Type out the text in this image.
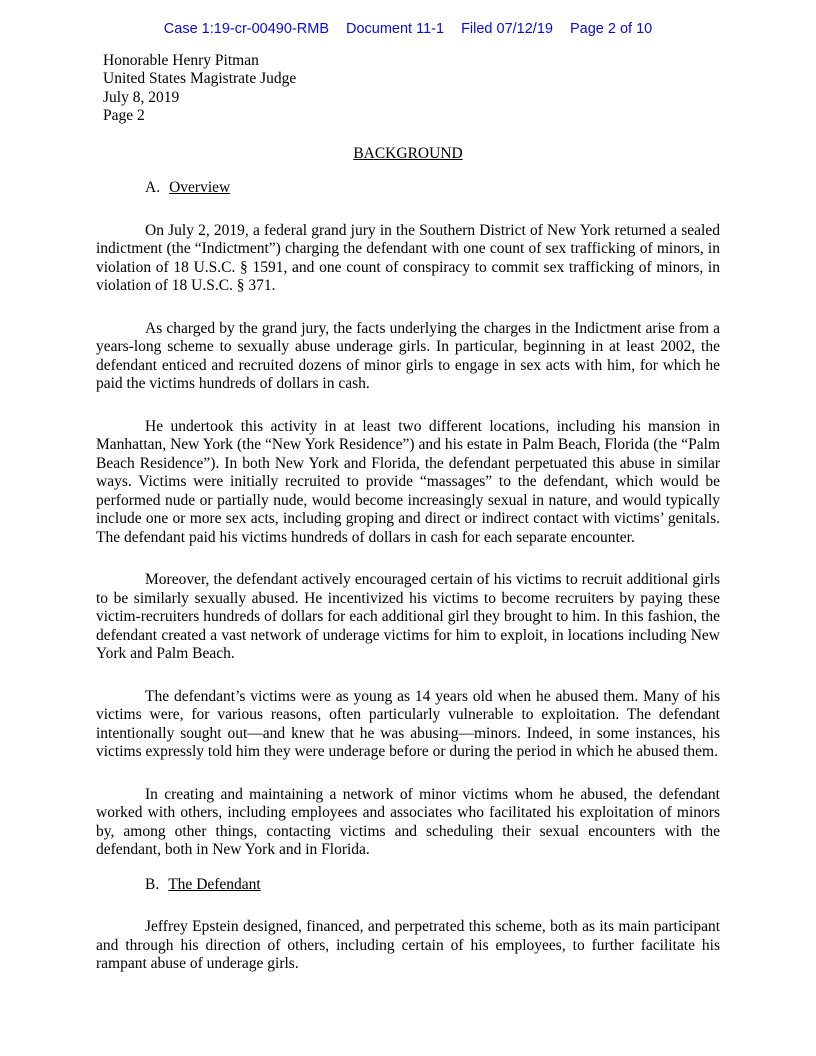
Case 1:19-cr-00490-RMB Document 11-1 Filed 07/12/19 Page 2 of 10
Honorable Henry Pitman
United States Magistrate Judge
July 8, 2019
Page 2
BACKGROUND
A. Overview

On July 2, 2019, a federal grand jury in the Southern District of New York returned a sealed indictment (the “Indictment”) charging the defendant with one count of sex trafficking of minors, in violation of 18 U.S.C. § 1591, and one count of conspiracy to commit sex trafficking of minors, in violation of 18 U.S.C. § 371.

As charged by the grand jury, the facts underlying the charges in the Indictment arise from a years-long scheme to sexually abuse underage girls. In particular, beginning in at least 2002, the defendant enticed and recruited dozens of minor girls to engage in sex acts with him, for which he paid the victims hundreds of dollars in cash.

He undertook this activity in at least two different locations, including his mansion in Manhattan, New York (the “New York Residence”) and his estate in Palm Beach, Florida (the “Palm Beach Residence”). In both New York and Florida, the defendant perpetuated this abuse in similar ways. Victims were initially recruited to provide “massages” to the defendant, which would be performed nude or partially nude, would become increasingly sexual in nature, and would typically include one or more sex acts, including groping and direct or indirect contact with victims’ genitals. The defendant paid his victims hundreds of dollars in cash for each separate encounter.

Moreover, the defendant actively encouraged certain of his victims to recruit additional girls to be similarly sexually abused. He incentivized his victims to become recruiters by paying these victim-recruiters hundreds of dollars for each additional girl they brought to him. In this fashion, the defendant created a vast network of underage victims for him to exploit, in locations including New York and Palm Beach.

The defendant’s victims were as young as 14 years old when he abused them. Many of his victims were, for various reasons, often particularly vulnerable to exploitation. The defendant intentionally sought out—and knew that he was abusing—minors. Indeed, in some instances, his victims expressly told him they were underage before or during the period in which he abused them.

In creating and maintaining a network of minor victims whom he abused, the defendant worked with others, including employees and associates who facilitated his exploitation of minors by, among other things, contacting victims and scheduling their sexual encounters with the defendant, both in New York and in Florida.

B. The Defendant

Jeffrey Epstein designed, financed, and perpetrated this scheme, both as its main participant and through his direction of others, including certain of his employees, to further facilitate his rampant abuse of underage girls.
